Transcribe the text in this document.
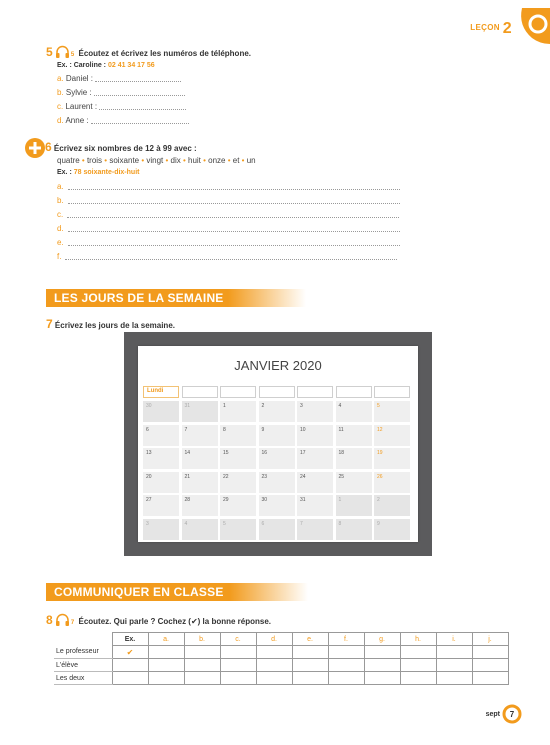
LEÇON 2
5	5 Écoutez et écrivez les numéros de téléphone.
Ex. : Caroline : 02 41 34 17 56
a. Daniel :
b. Sylvie :
c. Laurent :
d. Anne :
6 Écrivez six nombres de 12 à 99 avec :
quatre • trois • soixante • vingt • dix • huit • onze • et • un
Ex. : 78 soixante-dix-huit
a.
b.
c.
d.
e.
f.
LES JOURS DE LA SEMAINE
7 Écrivez les jours de la semaine.
JANVIER 2020
Lundi
30	31	1	2	3	4	5
6	7	8	9	10	11	12
13	14	15	16	17	18	19
20	21	22	23	24	25	26
27	28	29	30	31	1	2
3	4	5	6	7	8	9
COMMUNIQUER EN CLASSE
8	7 Écoutez. Qui parle ? Cochez (✔) la bonne réponse.
	Ex.	a.	b.	c.	d.	e.	f.	g.	h.	i.	j.
Le professeur	✔										
L'élève											
Les deux											
sept 7
